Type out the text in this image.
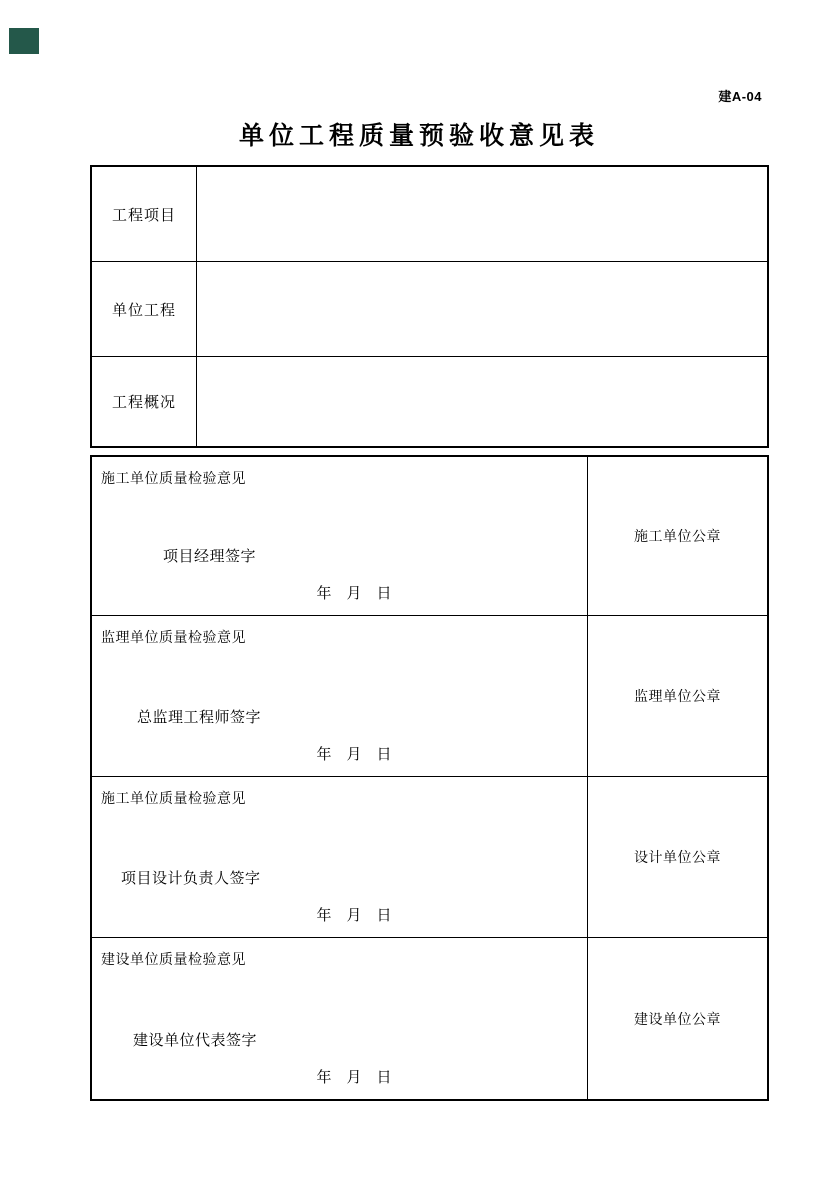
建A-04
单位工程质量预验收意见表
工程项目
单位工程
工程概况
施工单位质量检验意见
项目经理签字
年　月　日
施工单位公章
监理单位质量检验意见
总监理工程师签字
年　月　日
监理单位公章
施工单位质量检验意见
项目设计负责人签字
年　月　日
设计单位公章
建设单位质量检验意见
建设单位代表签字
年　月　日
建设单位公章
